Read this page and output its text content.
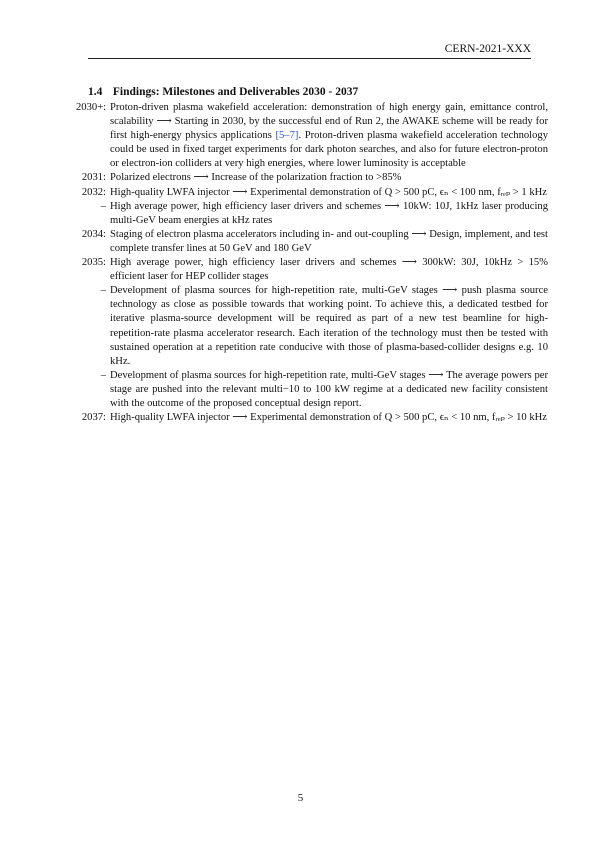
CERN-2021-XXX
1.4 Findings: Milestones and Deliverables 2030 - 2037
2030+: Proton-driven plasma wakefield acceleration: demonstration of high energy gain, emittance control, scalability ⟶ Starting in 2030, by the successful end of Run 2, the AWAKE scheme will be ready for first high-energy physics applications [5–7]. Proton-driven plasma wakefield acceleration technology could be used in fixed target experiments for dark photon searches, and also for future electron-proton or electron-ion colliders at very high energies, where lower luminosity is acceptable
2031: Polarized electrons ⟶ Increase of the polarization fraction to >85%
2032: High-quality LWFA injector ⟶ Experimental demonstration of Q > 500 pC, ϵₙ < 100 nm, fᵣₑₚ > 1 kHz
– High average power, high efficiency laser drivers and schemes ⟶ 10kW: 10J, 1kHz laser producing multi-GeV beam energies at kHz rates
2034: Staging of electron plasma accelerators including in- and out-coupling ⟶ Design, implement, and test complete transfer lines at 50 GeV and 180 GeV
2035: High average power, high efficiency laser drivers and schemes ⟶ 300kW: 30J, 10kHz > 15% efficient laser for HEP collider stages
– Development of plasma sources for high-repetition rate, multi-GeV stages ⟶ push plasma source technology as close as possible towards that working point. To achieve this, a dedicated testbed for iterative plasma-source development will be required as part of a new test beamline for high-repetition-rate plasma accelerator research. Each iteration of the technology must then be tested with sustained operation at a repetition rate conducive with those of plasma-based-collider designs e.g. 10 kHz.
– Development of plasma sources for high-repetition rate, multi-GeV stages ⟶ The average powers per stage are pushed into the relevant multi−10 to 100 kW regime at a dedicated new facility consistent with the outcome of the proposed conceptual design report.
2037: High-quality LWFA injector ⟶ Experimental demonstration of Q > 500 pC, ϵₙ < 10 nm, fᵣₑₚ > 10 kHz
5
